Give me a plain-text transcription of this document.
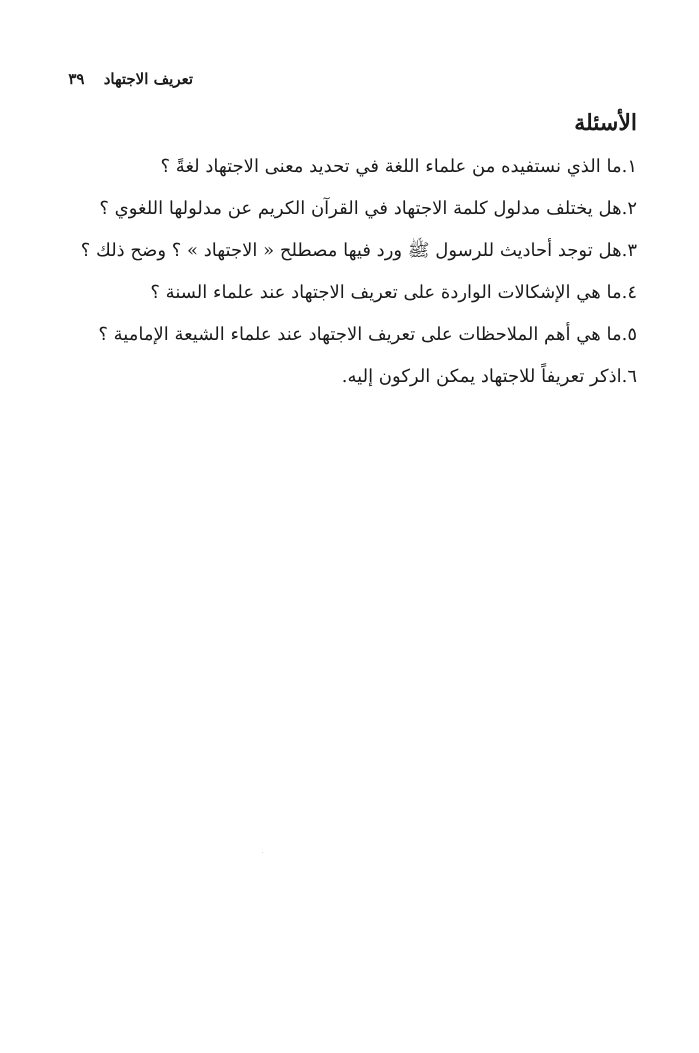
تعريف الاجتهاد ٣٩
الأسئلة
١.ما الذي نستفيده من علماء اللغة في تحديد معنى الاجتهاد لغةً ؟
٢.هل يختلف مدلول كلمة الاجتهاد في القرآن الكريم عن مدلولها اللغوي ؟
٣.هل توجد أحاديث للرسول ﷺ ورد فيها مصطلح « الاجتهاد » ؟ وضح ذلك ؟
٤.ما هي الإشكالات الواردة على تعريف الاجتهاد عند علماء السنة ؟
٥.ما هي أهم الملاحظات على تعريف الاجتهاد عند علماء الشيعة الإمامية ؟
٦.اذكر تعريفاً للاجتهاد يمكن الركون إليه.
